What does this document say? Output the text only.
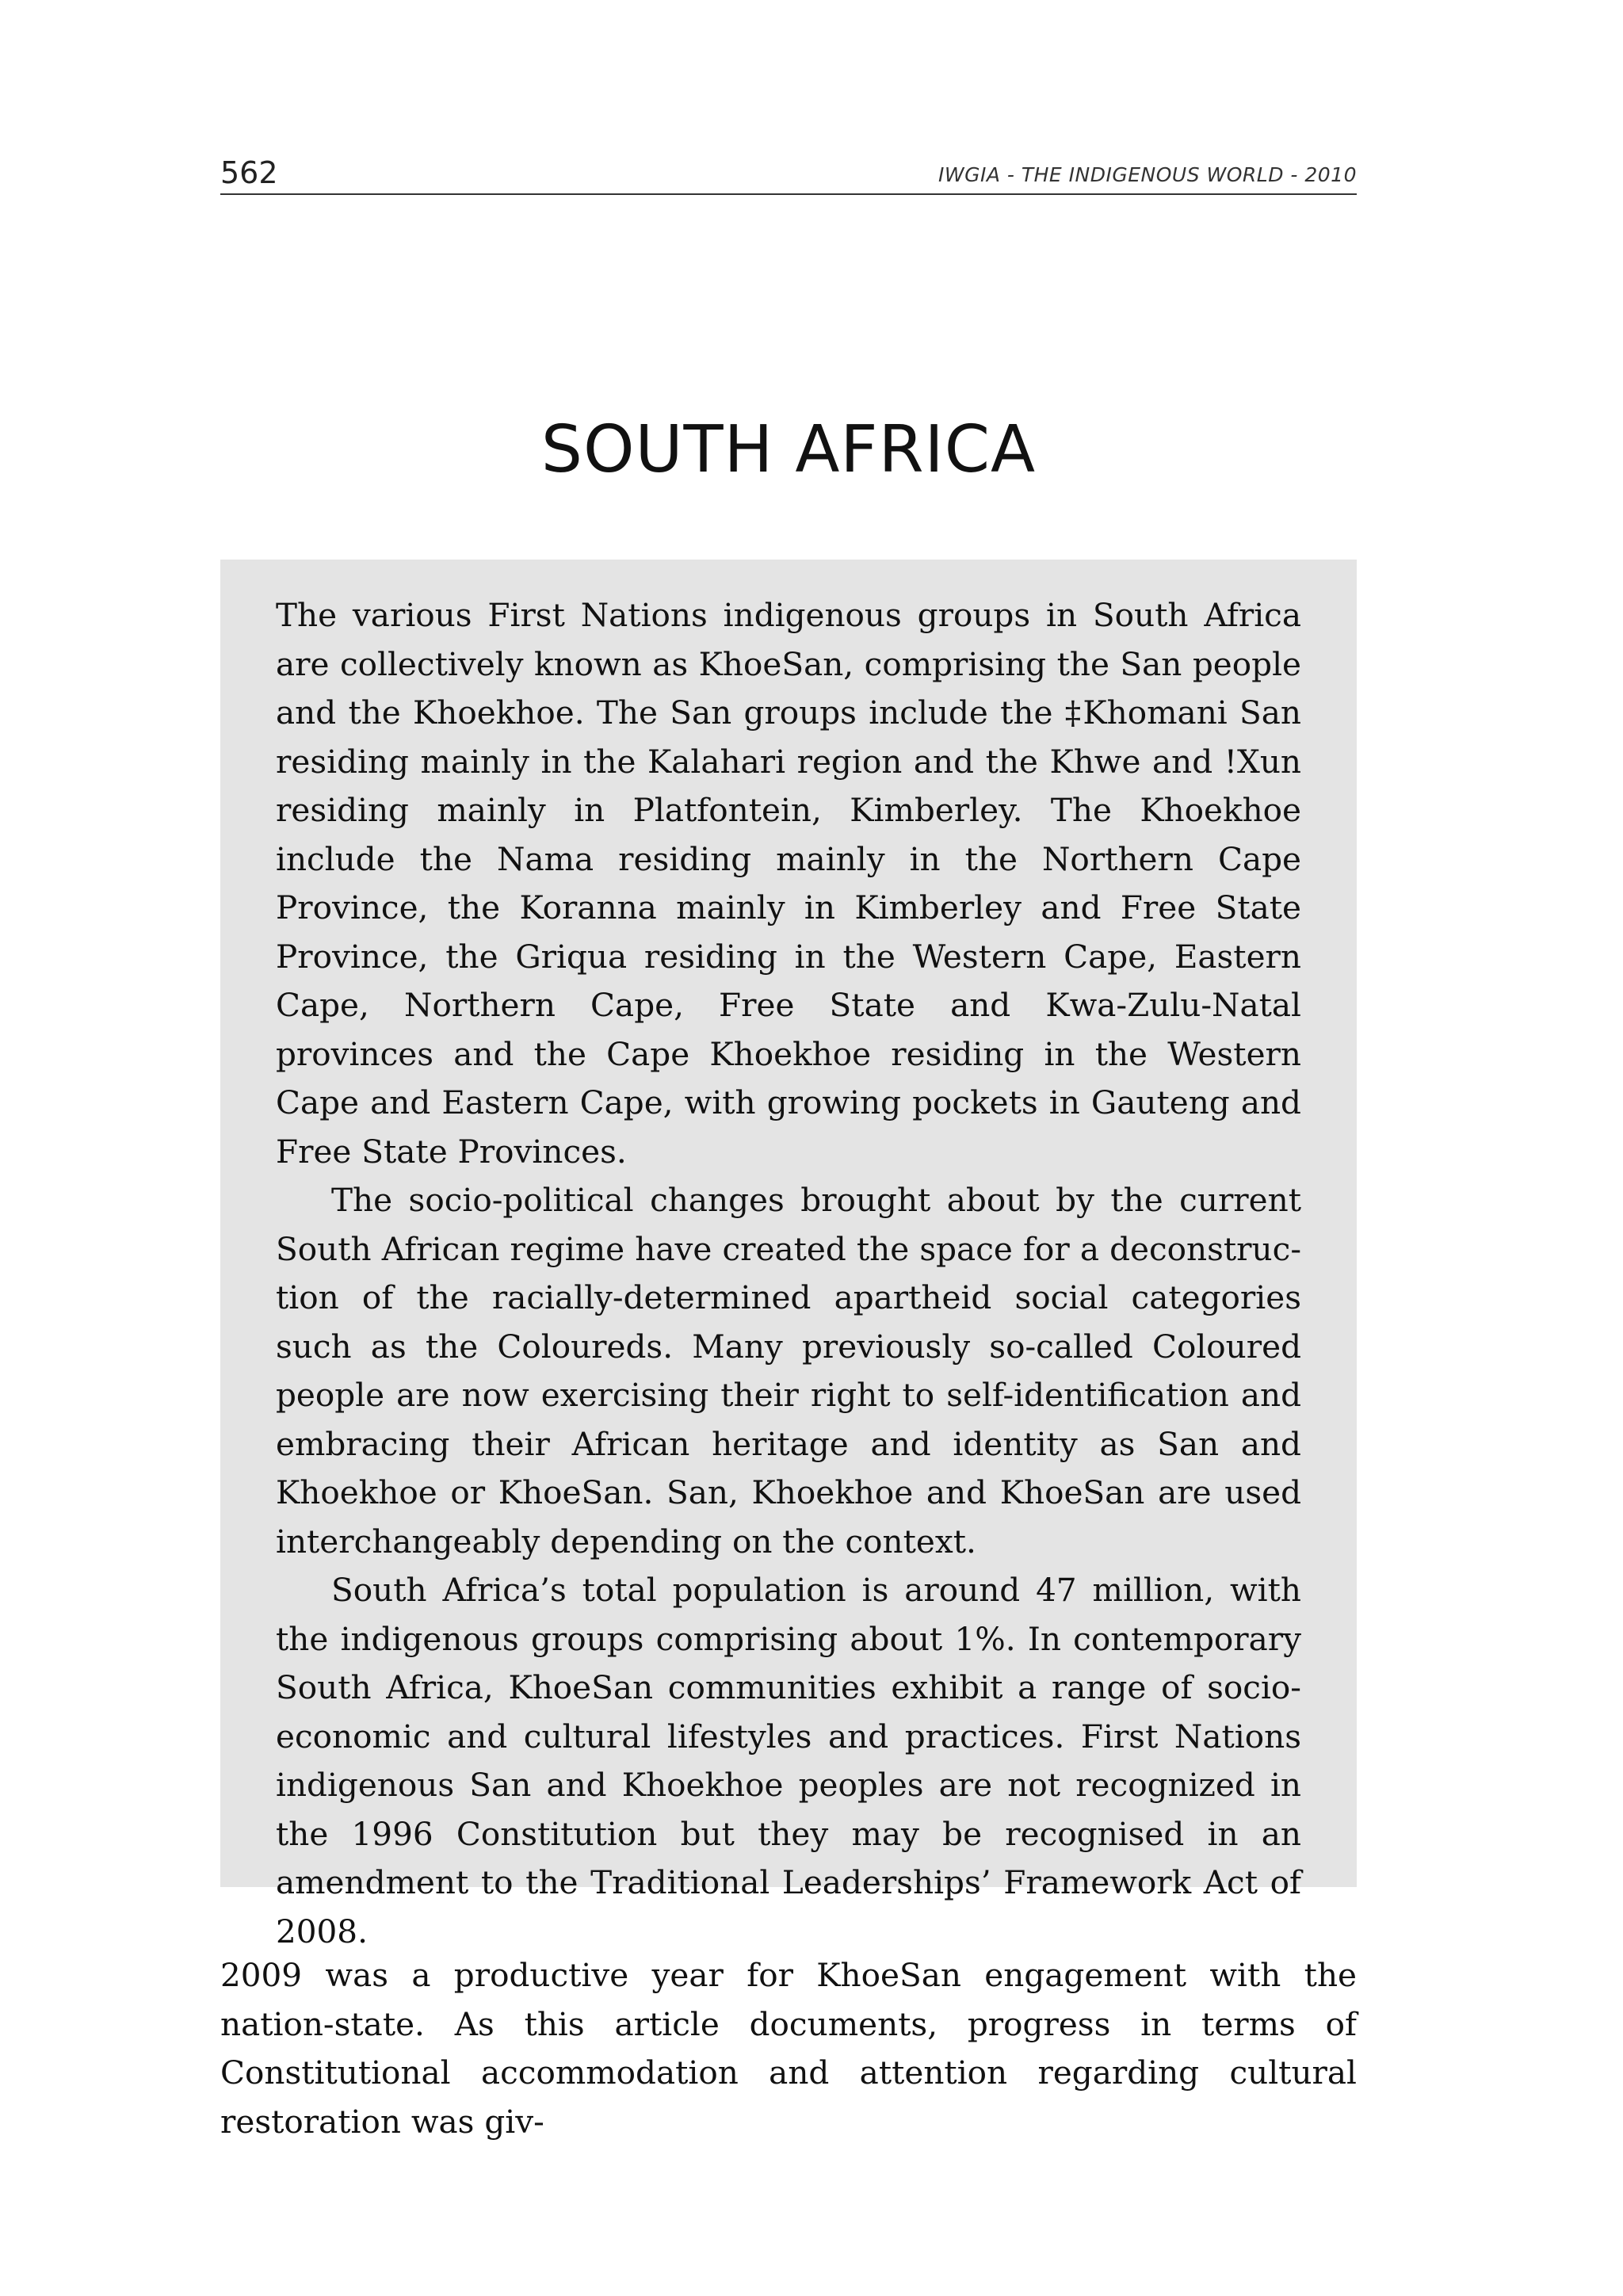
562	IWGIA - THE INDIGENOUS WORLD - 2010
SOUTH AFRICA

The various First Nations indigenous groups in South Africa are collectively known as KhoeSan, comprising the San people and the Khoekhoe. The San groups include the ‡Khomani San residing mainly in the Kalahari region and the Khwe and !Xun residing mainly in Platfontein, Kimberley. The Khoekhoe include the Nama residing mainly in the Northern Cape Province, the Koranna mainly in Kimberley and Free State Province, the Griqua residing in the Western Cape, Eastern Cape, Northern Cape, Free State and Kwa-Zulu-Natal provinces and the Cape Khoekhoe residing in the Western Cape and Eastern Cape, with growing pockets in Gauteng and Free State Provinces.

The socio-political changes brought about by the current South African regime have created the space for a deconstruction of the racially-determined apartheid social categories such as the Coloureds. Many previously so-called Coloured people are now exercising their right to self-identification and embracing their African heritage and identity as San and Khoekhoe or KhoeSan. San, Khoekhoe and KhoeSan are used interchangeably depending on the context.

South Africa’s total population is around 47 million, with the indigenous groups comprising about 1%. In contemporary South Africa, KhoeSan communities exhibit a range of socio-economic and cultural lifestyles and practices. First Nations indigenous San and Khoekhoe peoples are not recognized in the 1996 Constitution but they may be recognised in an amendment to the Traditional Leaderships’ Framework Act of 2008.

2009 was a productive year for KhoeSan engagement with the nation-state. As this article documents, progress in terms of Constitutional accommodation and attention regarding cultural restoration was giv-
